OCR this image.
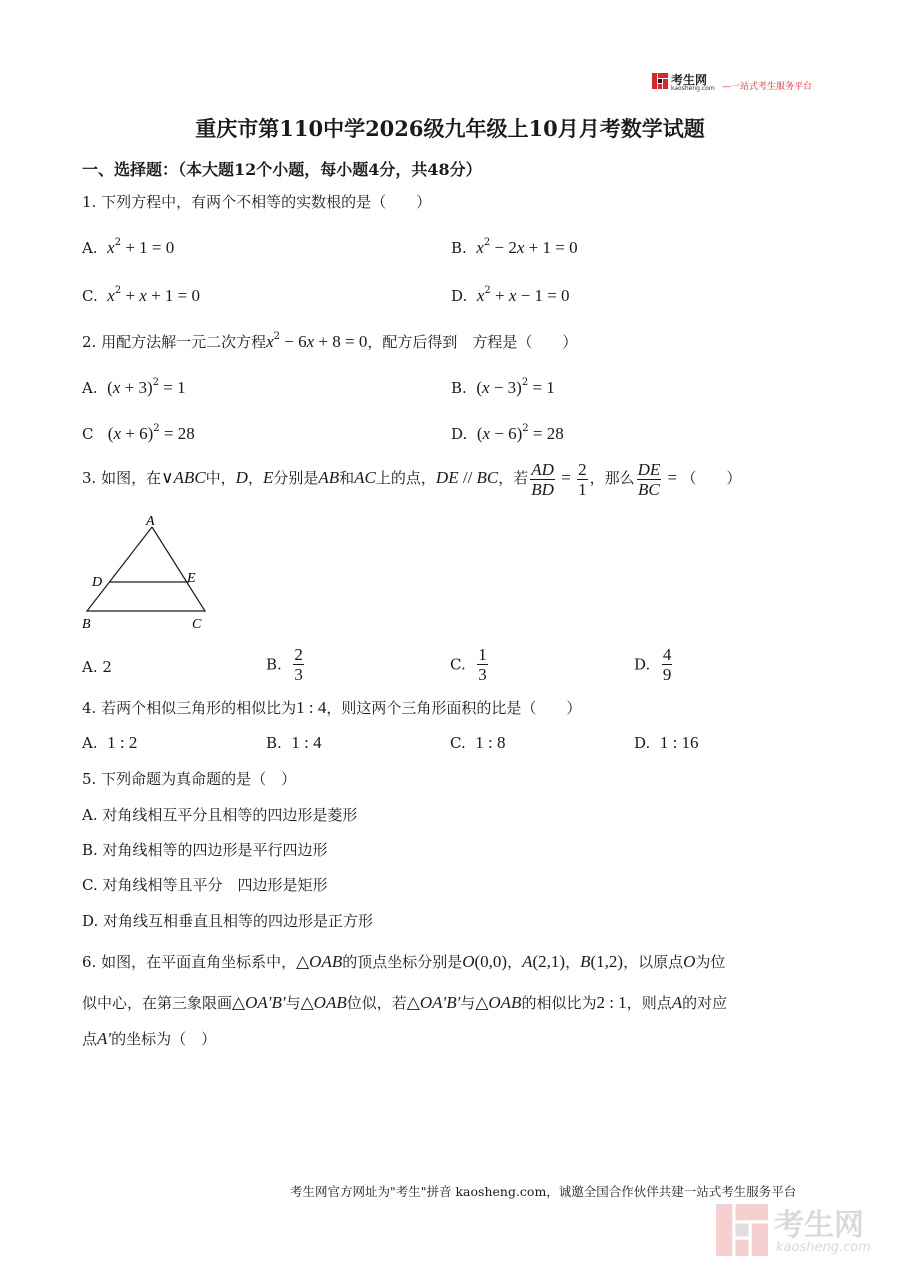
考生网
kaosheng.com —一站式考生服务平台
重庆市第110中学2026级九年级上10月月考数学试题
一、选择题：（本大题12个小题，每小题4分，共48分）
1. 下列方程中，有两个不相等的实数根的是（　　）
A. $x^2 + 1 = 0$	B. $x^2 - 2x + 1 = 0$
C. $x^2 + x + 1 = 0$	D. $x^2 + x - 1 = 0$
2. 用配方法解一元二次方程$x^2 - 6x + 8 = 0$，配方后得到　方程是（　　）
A. $(x + 3)^2 = 1$	B. $(x - 3)^2 = 1$
C $(x + 6)^2 = 28$	D. $(x - 6)^2 = 28$
3. 如图，在∨ABC中，D，E分别是AB和AC上的点，DE // BC，若 $\frac{AD}{BD} = \frac{2}{1}$ ，那么 $\frac{DE}{BC}$ = （　　）
A
D	E
B	C
A. 2	B. $\frac{2}{3}$	C. $\frac{1}{3}$	D. $\frac{4}{9}$
4. 若两个相似三角形的相似比为1 : 4，则这两个三角形面积的比是（　　）
A. 1 : 2	B. 1 : 4	C. 1 : 8	D. 1 : 16
5. 下列命题为真命题的是（　）
A. 对角线相互平分且相等的四边形是菱形
B. 对角线相等的四边形是平行四边形
C. 对角线相等且平分　四边形是矩形
D. 对角线互相垂直且相等的四边形是正方形
6. 如图，在平面直角坐标系中，△OAB的顶点坐标分别是O(0,0)，A(2,1)，B(1,2)，以原点O为位
似中心，在第三象限画△OA′B′与△OAB位似，若△OA′B′与△OAB的相似比为2 : 1，则点A的对应
点A′的坐标为（　）
考生网官方网址为"考生"拼音 kaosheng.com，诚邀全国合作伙伴共建一站式考生服务平台
考生网
kaosheng.com
